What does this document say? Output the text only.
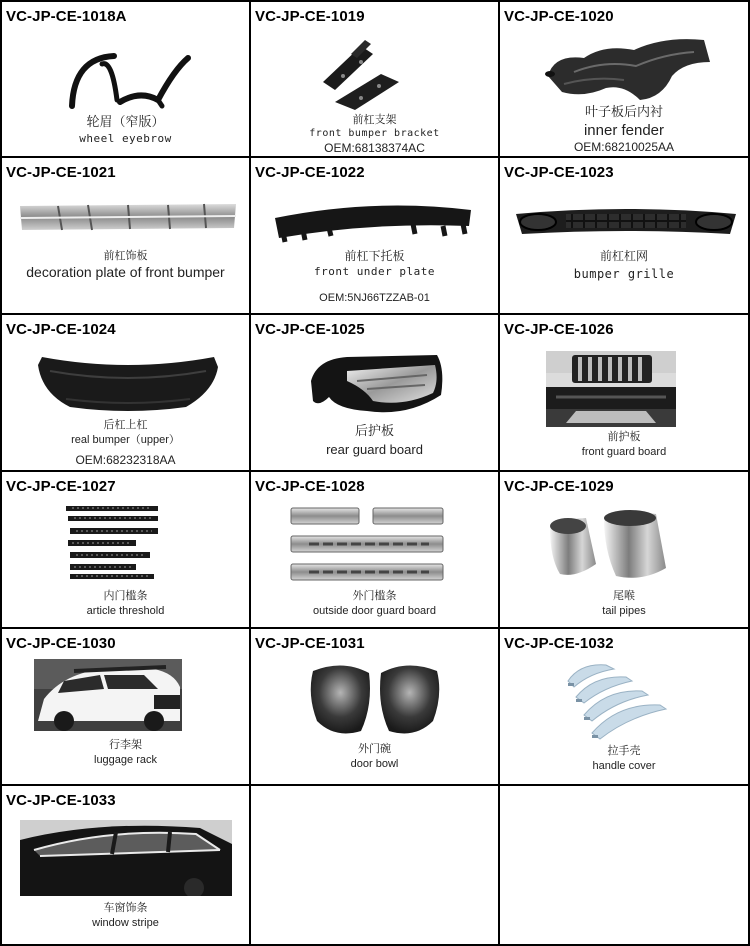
VC-JP-CE-1018A
轮眉（窄版）
wheel eyebrow
VC-JP-CE-1019
前杠支架
front bumper bracket
OEM:68138374AC
VC-JP-CE-1020
叶子板后内衬
inner fender
OEM:68210025AA
VC-JP-CE-1021
前杠饰板
decoration plate of front bumper
VC-JP-CE-1022
前杠下托板
front under plate
OEM:5NJ66TZZAB-01
VC-JP-CE-1023
前杠杠网
bumper grille
VC-JP-CE-1024
后杠上杠
real bumper（upper）
OEM:68232318AA
VC-JP-CE-1025
后护板
rear guard board
VC-JP-CE-1026
前护板
front guard board
VC-JP-CE-1027
内门槛条
article threshold
VC-JP-CE-1028
外门槛条
outside door guard board
VC-JP-CE-1029
尾喉
tail pipes
VC-JP-CE-1030
行李架
luggage rack
VC-JP-CE-1031
外门碗
door bowl
VC-JP-CE-1032
拉手壳
handle cover
VC-JP-CE-1033
车窗饰条
window stripe
